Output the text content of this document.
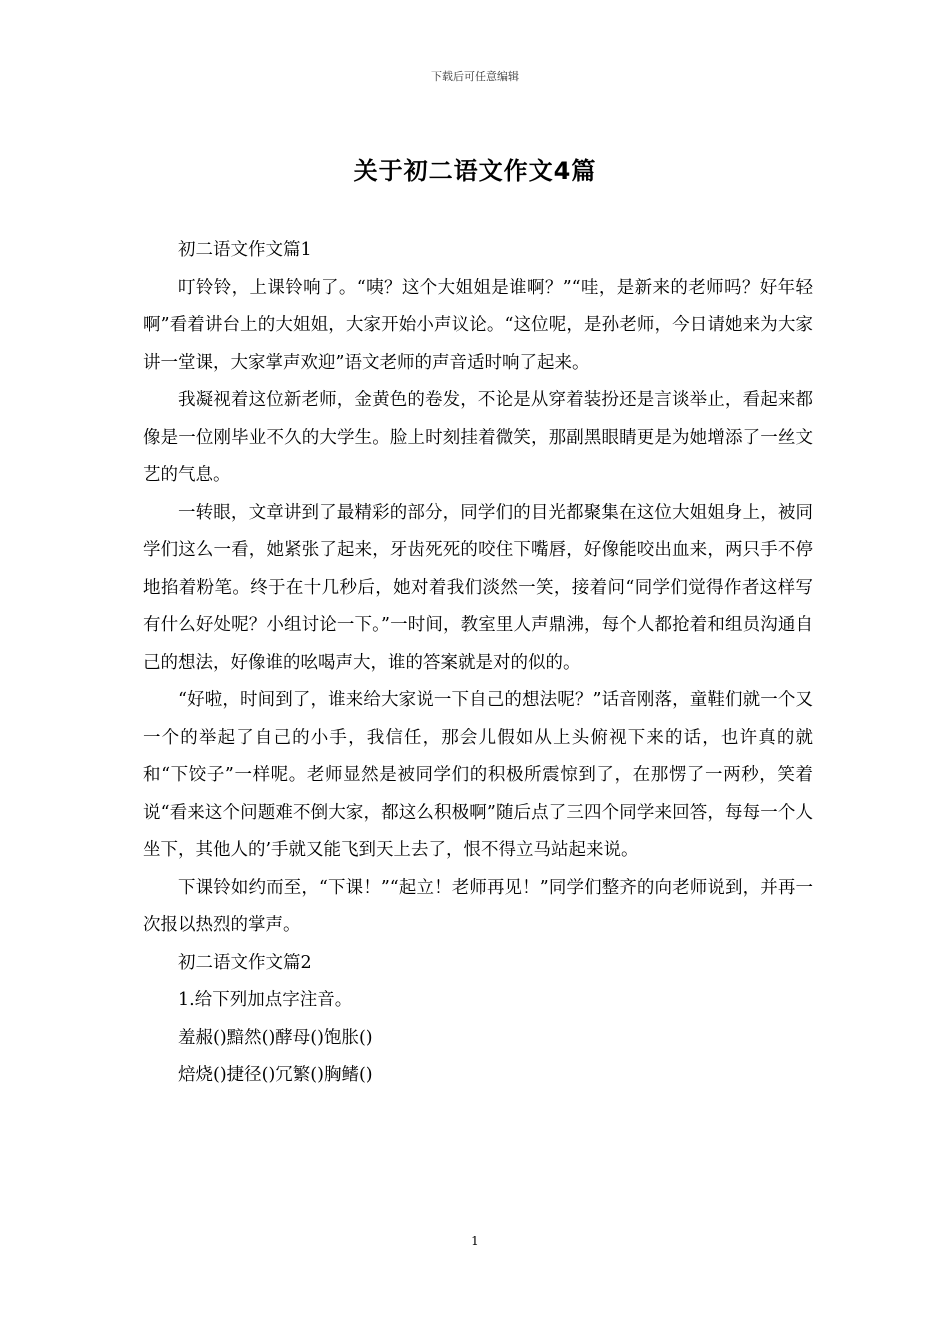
下载后可任意编辑
关于初二语文作文4篇

初二语文作文篇1

叮铃铃，上课铃响了。“咦？这个大姐姐是谁啊？”“哇，是新来的老师吗？好年轻啊”看着讲台上的大姐姐，大家开始小声议论。“这位呢，是孙老师，今日请她来为大家讲一堂课，大家掌声欢迎”语文老师的声音适时响了起来。

我凝视着这位新老师，金黄色的卷发，不论是从穿着装扮还是言谈举止，看起来都像是一位刚毕业不久的大学生。脸上时刻挂着微笑，那副黑眼睛更是为她增添了一丝文艺的气息。

一转眼，文章讲到了最精彩的部分，同学们的目光都聚集在这位大姐姐身上，被同学们这么一看，她紧张了起来，牙齿死死的咬住下嘴唇，好像能咬出血来，两只手不停地掐着粉笔。终于在十几秒后，她对着我们淡然一笑，接着问“同学们觉得作者这样写有什么好处呢？小组讨论一下。”一时间，教室里人声鼎沸，每个人都抢着和组员沟通自己的想法，好像谁的吆喝声大，谁的答案就是对的似的。

“好啦，时间到了，谁来给大家说一下自己的想法呢？”话音刚落，童鞋们就一个又一个的举起了自己的小手，我信任，那会儿假如从上头俯视下来的话，也许真的就和“下饺子”一样呢。老师显然是被同学们的积极所震惊到了，在那愣了一两秒，笑着说“看来这个问题难不倒大家，都这么积极啊”随后点了三四个同学来回答，每每一个人坐下，其他人的’手就又能飞到天上去了，恨不得立马站起来说。

下课铃如约而至，“下课！”“起立！老师再见！”同学们整齐的向老师说到，并再一次报以热烈的掌声。

初二语文作文篇2

1.给下列加点字注音。

羞赧()黯然()酵母()饱胀()

焙烧()捷径()冗繁()胸鳍()

1
